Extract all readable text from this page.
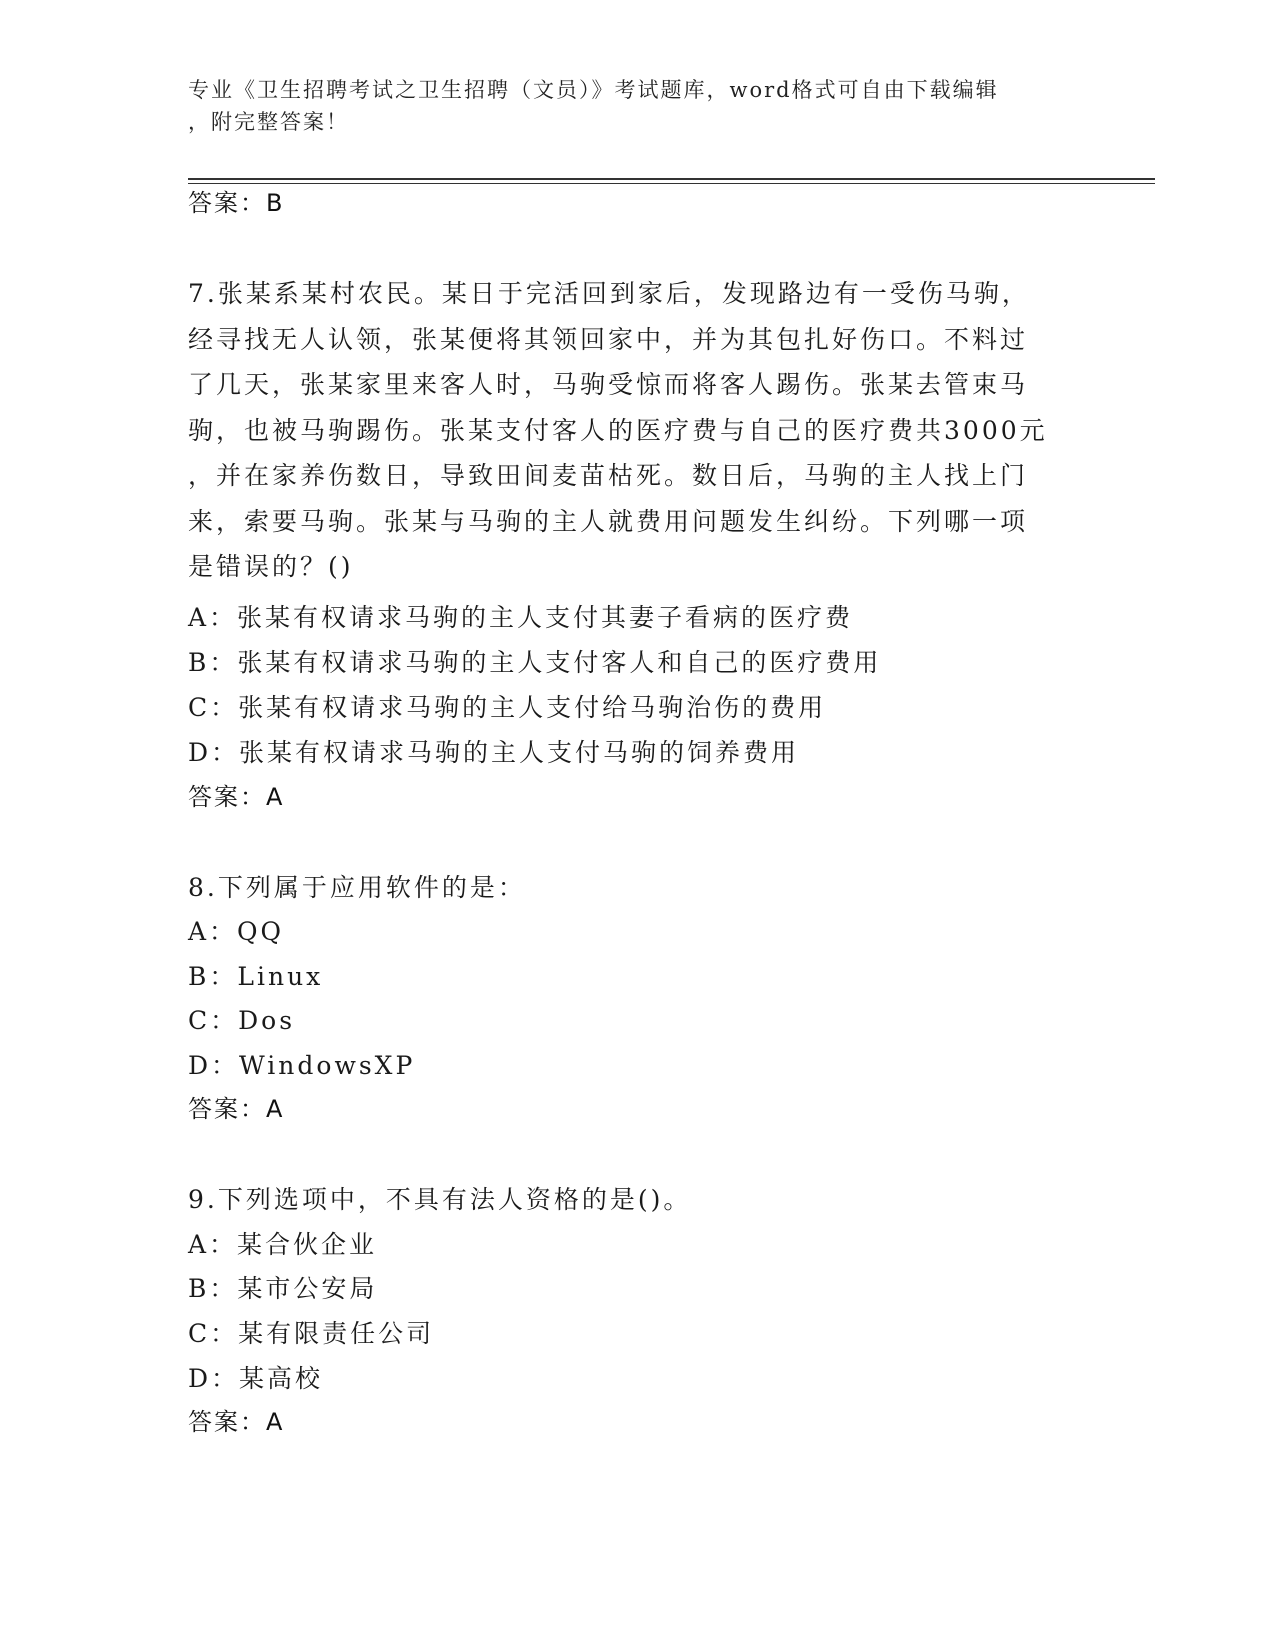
专业《卫生招聘考试之卫生招聘（文员）》考试题库，word格式可自由下载编辑
，附完整答案！
答案：B
7.张某系某村农民。某日于完活回到家后，发现路边有一受伤马驹，
经寻找无人认领，张某便将其领回家中，并为其包扎好伤口。不料过
了几天，张某家里来客人时，马驹受惊而将客人踢伤。张某去管束马
驹，也被马驹踢伤。张某支付客人的医疗费与自己的医疗费共3000元
，并在家养伤数日，导致田间麦苗枯死。数日后，马驹的主人找上门
来，索要马驹。张某与马驹的主人就费用问题发生纠纷。下列哪一项
是错误的？()
A：张某有权请求马驹的主人支付其妻子看病的医疗费
B：张某有权请求马驹的主人支付客人和自己的医疗费用
C：张某有权请求马驹的主人支付给马驹治伤的费用
D：张某有权请求马驹的主人支付马驹的饲养费用
答案：A
8.下列属于应用软件的是：
A：QQ
B：Linux
C：Dos
D：WindowsXP
答案：A
9.下列选项中，不具有法人资格的是()。
A：某合伙企业
B：某市公安局
C：某有限责任公司
D：某高校
答案：A
